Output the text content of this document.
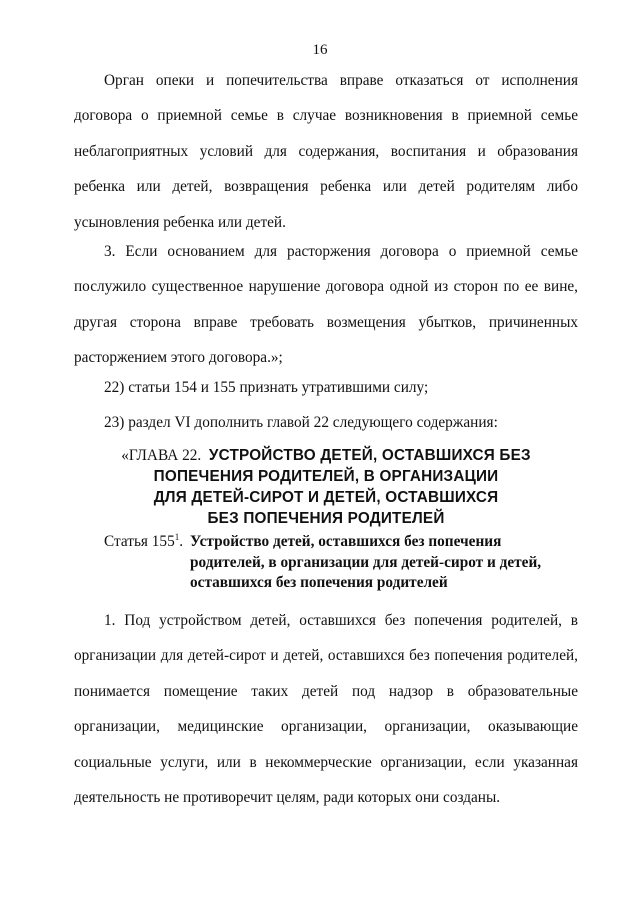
16
Орган опеки и попечительства вправе отказаться от исполнения
договора о приемной семье в случае возникновения в приемной семье
неблагоприятных условий для содержания, воспитания и образования
ребенка или детей, возвращения ребенка или детей родителям либо
усыновления ребенка или детей.
3. Если основанием для расторжения договора о приемной семье
послужило существенное нарушение договора одной из сторон по ее вине,
другая сторона вправе требовать возмещения убытков, причиненных
расторжением этого договора.»;
22) статьи 154 и 155 признать утратившими силу;
23) раздел VI дополнить главой 22 следующего содержания:
«ГЛАВА 22. УСТРОЙСТВО ДЕТЕЙ, ОСТАВШИХСЯ БЕЗ
ПОПЕЧЕНИЯ РОДИТЕЛЕЙ, В ОРГАНИЗАЦИИ
ДЛЯ ДЕТЕЙ-СИРОТ И ДЕТЕЙ, ОСТАВШИХСЯ
БЕЗ ПОПЕЧЕНИЯ РОДИТЕЛЕЙ
Статья $155^1$. Устройство детей, оставшихся без попечения
родителей, в организации для детей-сирот и детей,
оставшихся без попечения родителей
1. Под устройством детей, оставшихся без попечения родителей, в
организации для детей-сирот и детей, оставшихся без попечения родителей,
понимается помещение таких детей под надзор в образовательные
организации, медицинские организации, организации, оказывающие
социальные услуги, или в некоммерческие организации, если указанная
деятельность не противоречит целям, ради которых они созданы.
